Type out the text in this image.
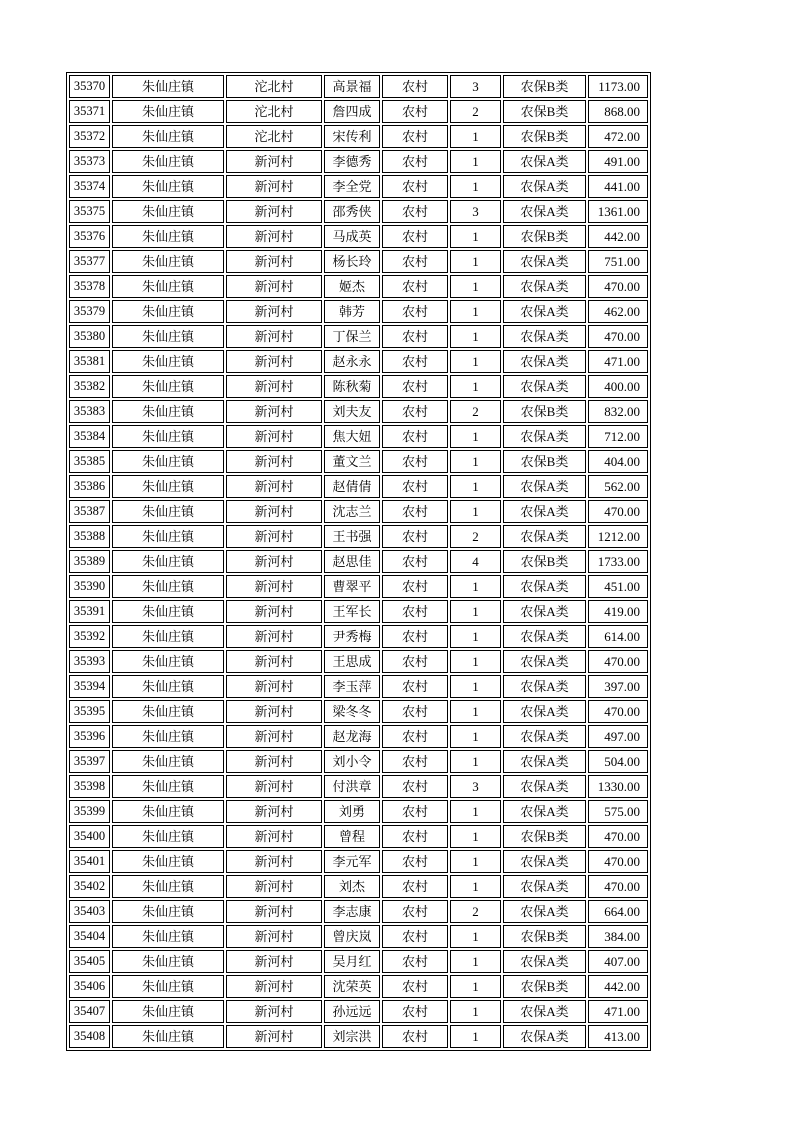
35370	朱仙庄镇	沱北村	高景福	农村	3	农保B类	1173.00
35371	朱仙庄镇	沱北村	詹四成	农村	2	农保B类	868.00
35372	朱仙庄镇	沱北村	宋传利	农村	1	农保B类	472.00
35373	朱仙庄镇	新河村	李德秀	农村	1	农保A类	491.00
35374	朱仙庄镇	新河村	李全党	农村	1	农保A类	441.00
35375	朱仙庄镇	新河村	邵秀侠	农村	3	农保A类	1361.00
35376	朱仙庄镇	新河村	马成英	农村	1	农保B类	442.00
35377	朱仙庄镇	新河村	杨长玲	农村	1	农保A类	751.00
35378	朱仙庄镇	新河村	姬杰	农村	1	农保A类	470.00
35379	朱仙庄镇	新河村	韩芳	农村	1	农保A类	462.00
35380	朱仙庄镇	新河村	丁保兰	农村	1	农保A类	470.00
35381	朱仙庄镇	新河村	赵永永	农村	1	农保A类	471.00
35382	朱仙庄镇	新河村	陈秋菊	农村	1	农保A类	400.00
35383	朱仙庄镇	新河村	刘夫友	农村	2	农保B类	832.00
35384	朱仙庄镇	新河村	焦大妞	农村	1	农保A类	712.00
35385	朱仙庄镇	新河村	董文兰	农村	1	农保B类	404.00
35386	朱仙庄镇	新河村	赵倩倩	农村	1	农保A类	562.00
35387	朱仙庄镇	新河村	沈志兰	农村	1	农保A类	470.00
35388	朱仙庄镇	新河村	王书强	农村	2	农保A类	1212.00
35389	朱仙庄镇	新河村	赵思佳	农村	4	农保B类	1733.00
35390	朱仙庄镇	新河村	曹翠平	农村	1	农保A类	451.00
35391	朱仙庄镇	新河村	王军长	农村	1	农保A类	419.00
35392	朱仙庄镇	新河村	尹秀梅	农村	1	农保A类	614.00
35393	朱仙庄镇	新河村	王思成	农村	1	农保A类	470.00
35394	朱仙庄镇	新河村	李玉萍	农村	1	农保A类	397.00
35395	朱仙庄镇	新河村	梁冬冬	农村	1	农保A类	470.00
35396	朱仙庄镇	新河村	赵龙海	农村	1	农保A类	497.00
35397	朱仙庄镇	新河村	刘小令	农村	1	农保A类	504.00
35398	朱仙庄镇	新河村	付洪章	农村	3	农保A类	1330.00
35399	朱仙庄镇	新河村	刘勇	农村	1	农保A类	575.00
35400	朱仙庄镇	新河村	曾程	农村	1	农保B类	470.00
35401	朱仙庄镇	新河村	李元军	农村	1	农保A类	470.00
35402	朱仙庄镇	新河村	刘杰	农村	1	农保A类	470.00
35403	朱仙庄镇	新河村	李志康	农村	2	农保A类	664.00
35404	朱仙庄镇	新河村	曾庆岚	农村	1	农保B类	384.00
35405	朱仙庄镇	新河村	吴月红	农村	1	农保A类	407.00
35406	朱仙庄镇	新河村	沈荣英	农村	1	农保B类	442.00
35407	朱仙庄镇	新河村	孙远远	农村	1	农保A类	471.00
35408	朱仙庄镇	新河村	刘宗洪	农村	1	农保A类	413.00
